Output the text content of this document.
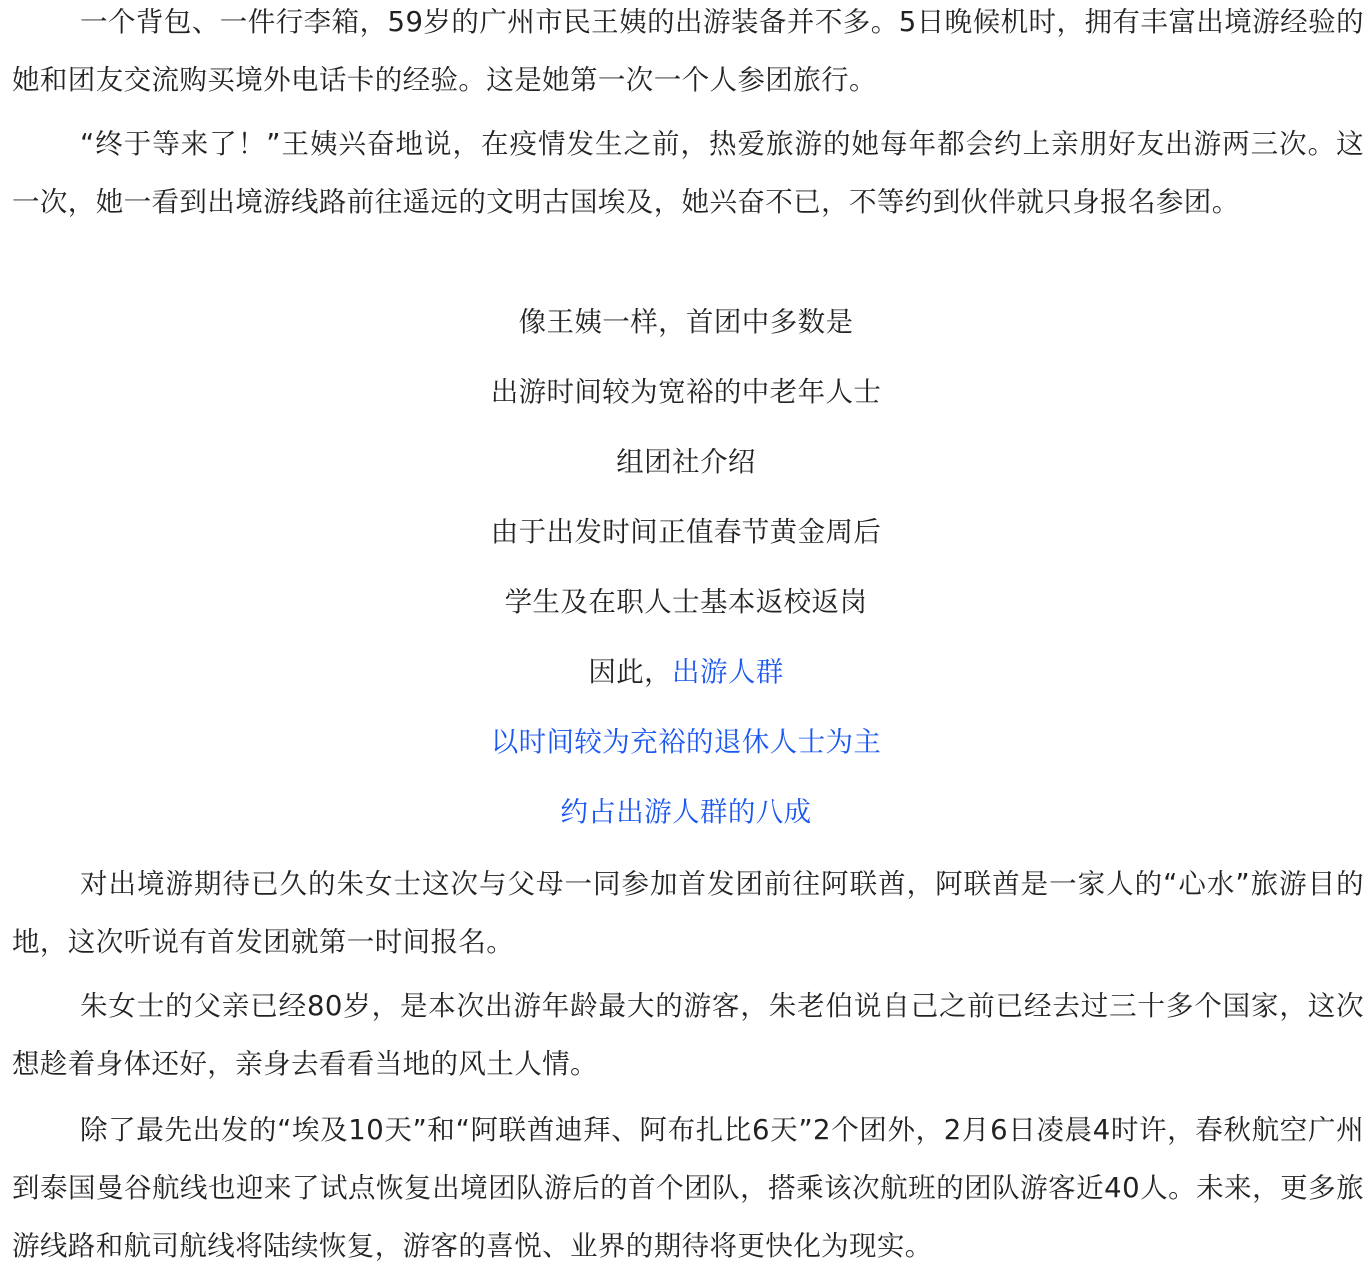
一个背包、一件行李箱，59岁的广州市民王姨的出游装备并不多。5日晚候机时，拥有丰富出境游经验的她和团友交流购买境外电话卡的经验。这是她第一次一个人参团旅行。

“终于等来了！”王姨兴奋地说，在疫情发生之前，热爱旅游的她每年都会约上亲朋好友出游两三次。这一次，她一看到出境游线路前往遥远的文明古国埃及，她兴奋不已，不等约到伙伴就只身报名参团。

像王姨一样，首团中多数是

出游时间较为宽裕的中老年人士

组团社介绍

由于出发时间正值春节黄金周后

学生及在职人士基本返校返岗

因此，出游人群

以时间较为充裕的退休人士为主

约占出游人群的八成

对出境游期待已久的朱女士这次与父母一同参加首发团前往阿联酋，阿联酋是一家人的“心水”旅游目的地，这次听说有首发团就第一时间报名。

朱女士的父亲已经80岁，是本次出游年龄最大的游客，朱老伯说自己之前已经去过三十多个国家，这次想趁着身体还好，亲身去看看当地的风土人情。

除了最先出发的“埃及10天”和“阿联酋迪拜、阿布扎比6天”2个团外，2月6日凌晨4时许，春秋航空广州到泰国曼谷航线也迎来了试点恢复出境团队游后的首个团队，搭乘该次航班的团队游客近40人。未来，更多旅游线路和航司航线将陆续恢复，游客的喜悦、业界的期待将更快化为现实。
